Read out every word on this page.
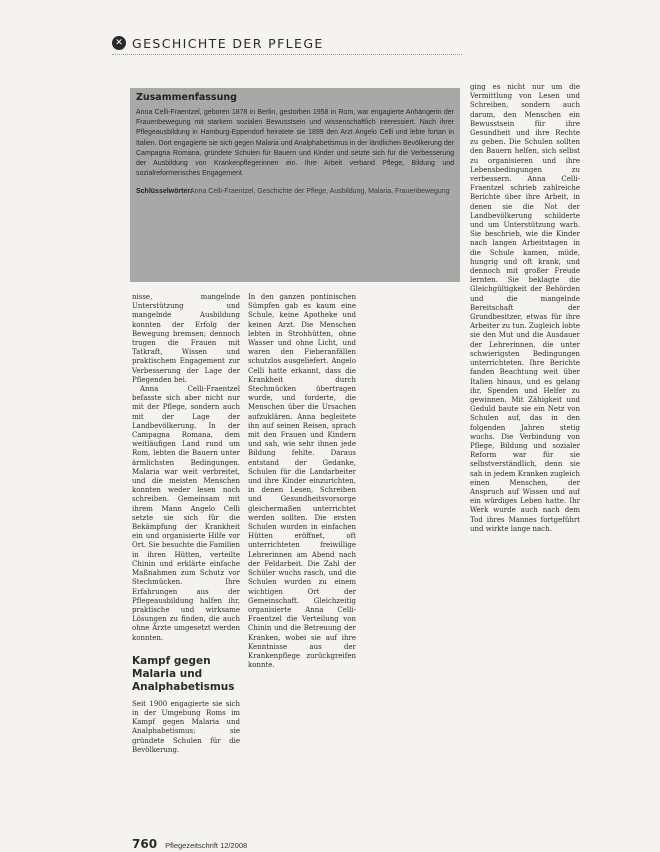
✕ GESCHICHTE DER PFLEGE
Zusammenfassung

Anna Celli-Fraentzel, geboren 1878 in Berlin, gestorben 1958 in Rom, war engagierte Anhängerin der Frauenbewegung mit starkem sozialen Bewusstsein und wissenschaftlich interessiert. Nach ihrer Pflegeausbildung in Hamburg-Eppendorf heiratete sie 1899 den Arzt Angelo Celli und lebte fortan in Italien. Dort engagierte sie sich gegen Malaria und Analphabetismus in der ländlichen Bevölkerung der Campagna Romana, gründete Schulen für Bauern und Kinder und setzte sich für die Verbesserung der Ausbildung von Krankenpflegerinnen ein. Ihre Arbeit verband Pflege, Bildung und sozialreformerisches Engagement.

Schlüsselwörter:
Anna Celli-Fraentzel, Geschichte der Pflege, Ausbildung, Malaria, Frauenbewegung

nisse, mangelnde Unterstützung und mangelnde Ausbildung konnten der Erfolg der Bewegung bremsen; dennoch trugen die Frauen mit Tatkraft, Wissen und praktischem Engagement zur Verbesserung der Lage der Pflegenden bei.

Anna Celli-Fraentzel befasste sich aber nicht nur mit der Pflege, sondern auch mit der Lage der Landbevölkerung. In der Campagna Romana, dem weitläufigen Land rund um Rom, lebten die Bauern unter ärmlichsten Bedingungen. Malaria war weit verbreitet, und die meisten Menschen konnten weder lesen noch schreiben. Gemeinsam mit ihrem Mann Angelo Celli setzte sie sich für die Bekämpfung der Krankheit ein und organisierte Hilfe vor Ort. Sie besuchte die Familien in ihren Hütten, verteilte Chinin und erklärte einfache Maßnahmen zum Schutz vor Stechmücken. Ihre Erfahrungen aus der Pflegeausbildung halfen ihr, praktische und wirksame Lösungen zu finden, die auch ohne Ärzte umgesetzt werden konnten.

Kampf gegen Malaria und Analphabetismus

Seit 1900 engagierte sie sich in der Umgebung Roms im Kampf gegen Malaria und Analphabetismus; sie gründete Schulen für die Bevölkerung.

In den ganzen pontinischen Sümpfen gab es kaum eine Schule, keine Apotheke und keinen Arzt. Die Menschen lebten in Strohhütten, ohne Wasser und ohne Licht, und waren den Fieberanfällen schutzlos ausgeliefert. Angelo Celli hatte erkannt, dass die Krankheit durch Stechmücken übertragen wurde, und forderte, die Menschen über die Ursachen aufzuklären. Anna begleitete ihn auf seinen Reisen, sprach mit den Frauen und Kindern und sah, wie sehr ihnen jede Bildung fehlte. Daraus entstand der Gedanke, Schulen für die Landarbeiter und ihre Kinder einzurichten, in denen Lesen, Schreiben und Gesundheitsvorsorge gleichermaßen unterrichtet werden sollten. Die ersten Schulen wurden in einfachen Hütten eröffnet, oft unterrichteten freiwillige Lehrerinnen am Abend nach der Feldarbeit. Die Zahl der Schüler wuchs rasch, und die Schulen wurden zu einem wichtigen Ort der Gemeinschaft. Gleichzeitig organisierte Anna Celli-Fraentzel die Verteilung von Chinin und die Betreuung der Kranken, wobei sie auf ihre Kenntnisse aus der Krankenpflege zurückgreifen konnte.

ging es nicht nur um die Vermittlung von Lesen und Schreiben, sondern auch darum, den Menschen ein Bewusstsein für ihre Gesundheit und ihre Rechte zu geben. Die Schulen sollten den Bauern helfen, sich selbst zu organisieren und ihre Lebensbedingungen zu verbessern. Anna Celli-Fraentzel schrieb zahlreiche Berichte über ihre Arbeit, in denen sie die Not der Landbevölkerung schilderte und um Unterstützung warb. Sie beschrieb, wie die Kinder nach langen Arbeitstagen in die Schule kamen, müde, hungrig und oft krank, und dennoch mit großer Freude lernten. Sie beklagte die Gleichgültigkeit der Behörden und die mangelnde Bereitschaft der Grundbesitzer, etwas für ihre Arbeiter zu tun. Zugleich lobte sie den Mut und die Ausdauer der Lehrerinnen, die unter schwierigsten Bedingungen unterrichteten. Ihre Berichte fanden Beachtung weit über Italien hinaus, und es gelang ihr, Spenden und Helfer zu gewinnen. Mit Zähigkeit und Geduld baute sie ein Netz von Schulen auf, das in den folgenden Jahren stetig wuchs. Die Verbindung von Pflege, Bildung und sozialer Reform war für sie selbstverständlich, denn sie sah in jedem Kranken zugleich einen Menschen, der Anspruch auf Wissen und auf ein würdiges Leben hatte. Ihr Werk wurde auch nach dem Tod ihres Mannes fortgeführt und wirkte lange nach.

760 Pflegezeitschrift 12/2008
